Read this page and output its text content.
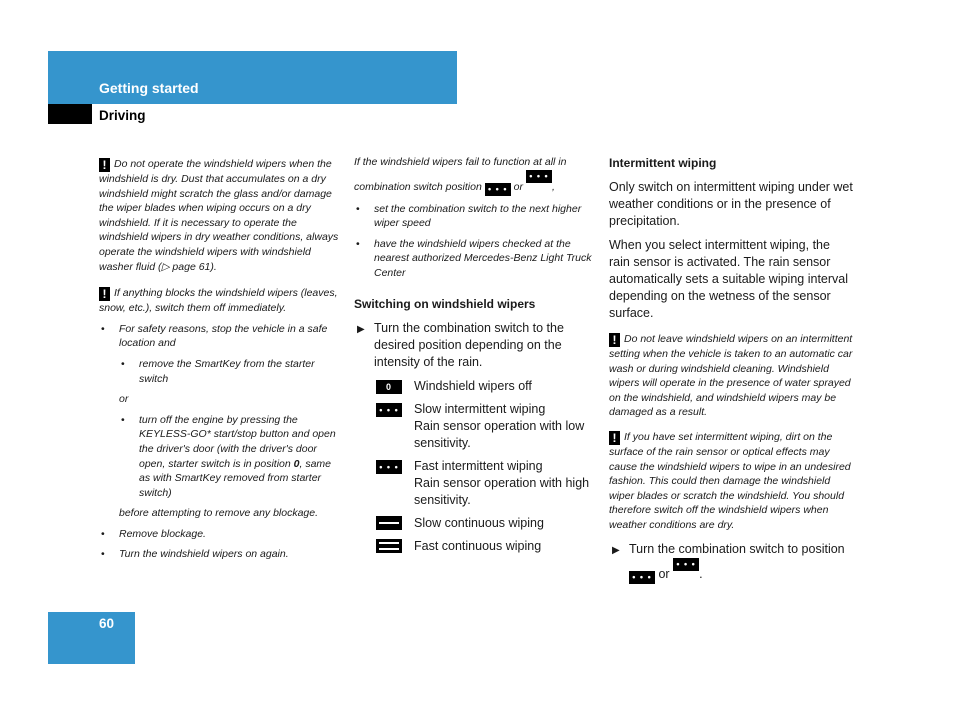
Getting started
Driving

! Do not operate the windshield wipers when the windshield is dry. Dust that accumulates on a dry windshield might scratch the glass and/or damage the wiper blades when wiping occurs on a dry windshield. If it is necessary to operate the windshield wipers in dry weather conditions, always operate the windshield wipers with windshield washer fluid (▷ page 61).

! If anything blocks the windshield wipers (leaves, snow, etc.), switch them off immediately.

• For safety reasons, stop the vehicle in a safe location and

• remove the SmartKey from the starter switch

or

• turn off the engine by pressing the KEYLESS-GO* start/stop button and open the driver's door (with the driver's door open, starter switch is in position 0, same as with SmartKey removed from starter switch)

before attempting to remove any blockage.

• Remove blockage.

• Turn the windshield wipers on again.

If the windshield wipers fail to function at all in combination switch position • • • or • • • • ,

• set the combination switch to the next higher wiper speed

• have the windshield wipers checked at the nearest authorized Mercedes-Benz Light Truck Center

Switching on windshield wipers

▶ Turn the combination switch to the desired position depending on the intensity of the rain.

0	Windshield wipers off
• • • Slow intermittent wiping
Rain sensor operation with low sensitivity.
• • • •
Fast intermittent wiping
Rain sensor operation with high sensitivity.
Slow continuous wiping
Fast continuous wiping

Intermittent wiping

Only switch on intermittent wiping under wet weather conditions or in the presence of precipitation.

When you select intermittent wiping, the rain sensor is activated. The rain sensor automatically sets a suitable wiping interval depending on the wetness of the sensor surface.

! Do not leave windshield wipers on an intermittent setting when the vehicle is taken to an automatic car wash or during windshield cleaning. Windshield wipers will operate in the presence of water sprayed on the windshield, and windshield wipers may be damaged as a result.

! If you have set intermittent wiping, dirt on the surface of the rain sensor or optical effects may cause the windshield wipers to wipe in an undesired fashion. This could then damage the windshield wiper blades or scratch the windshield. You should therefore switch off the windshield wipers when weather conditions are dry.

▶ Turn the combination switch to position • • • or • • • • .

60
